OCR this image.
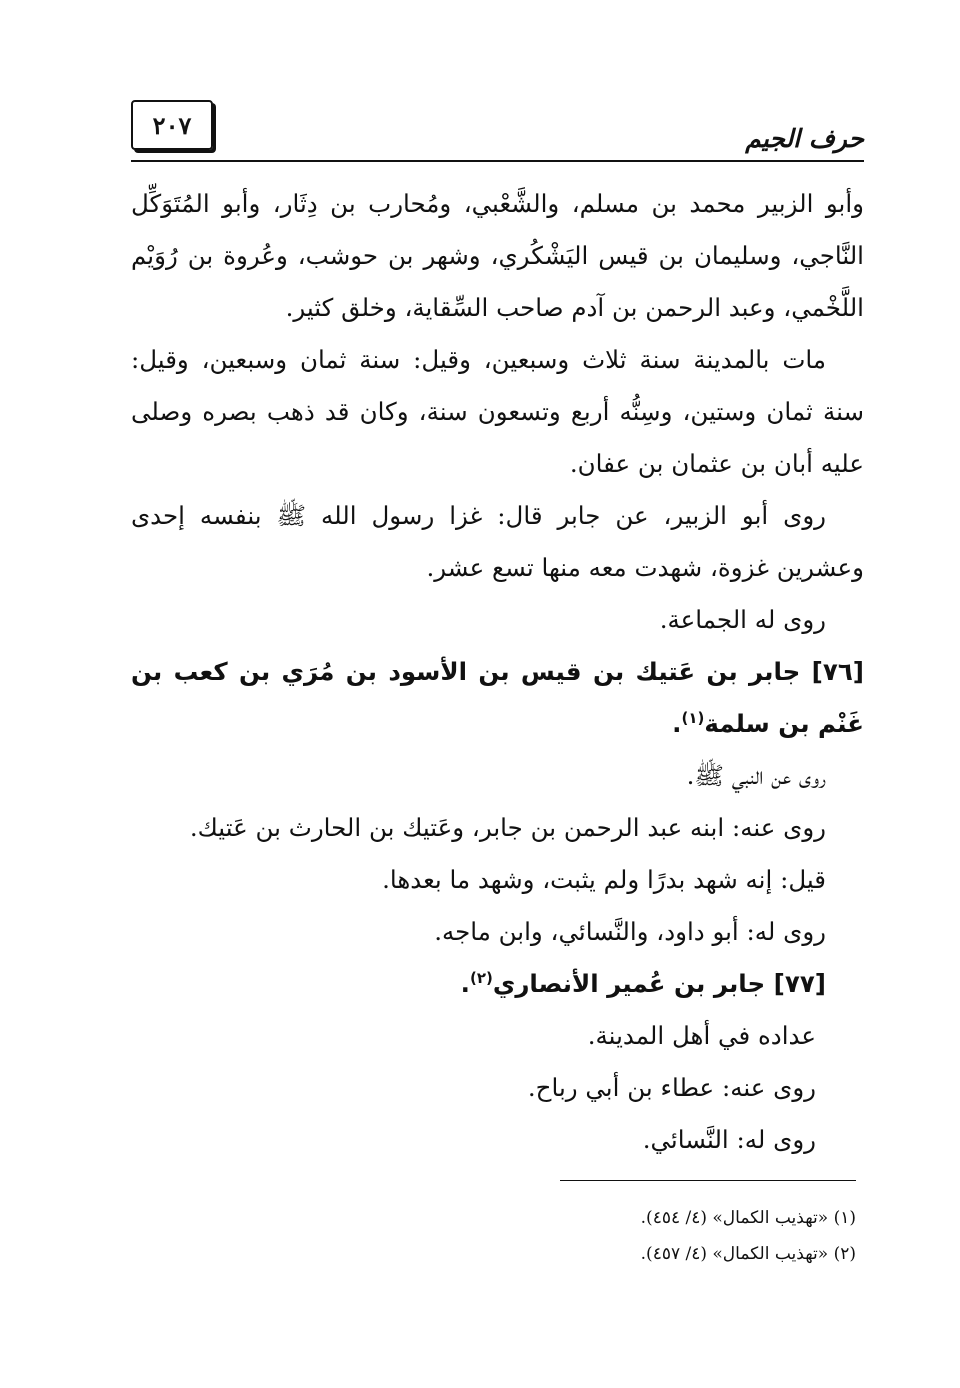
٢٠٧	حرف الجيم

وأبو الزبير محمد بن مسلم، والشَّعْبي، ومُحارب بن دِثَار، وأبو المُتَوَكِّل النَّاجي، وسليمان بن قيس اليَشْكُري، وشهر بن حوشب، وعُروة بن رُوَيْم اللَّخْمي، وعبد الرحمن بن آدم صاحب السِّقاية، وخلق كثير.

مات بالمدينة سنة ثلاث وسبعين، وقيل: سنة ثمان وسبعين، وقيل: سنة ثمان وستين، وسِنُّه أربع وتسعون سنة، وكان قد ذهب بصره وصلى عليه أبان بن عثمان بن عفان.

روى أبو الزبير، عن جابر قال: غزا رسول الله ﷺ بنفسه إحدى وعشرين غزوة، شهدت معه منها تسع عشر.

روى له الجماعة.

[٧٦] جابر بن عَتيك بن قيس بن الأسود بن مُرَي بن كعب بن غَنْم بن سلمة$^{(١)}$.

روى عن النبي ﷺ.

روى عنه: ابنه عبد الرحمن بن جابر، وعَتيك بن الحارث بن عَتيك.

قيل: إنه شهد بدرًا ولم يثبت، وشهد ما بعدها.

روى له: أبو داود، والنَّسائي، وابن ماجه.

[٧٧] جابر بن عُمير الأنصاري$^{(٢)}$.

عداده في أهل المدينة.

روى عنه: عطاء بن أبي رباح.

روى له: النَّسائي.

(١) «تهذيب الكمال» (٤/ ٤٥٤).

(٢) «تهذيب الكمال» (٤/ ٤٥٧).
